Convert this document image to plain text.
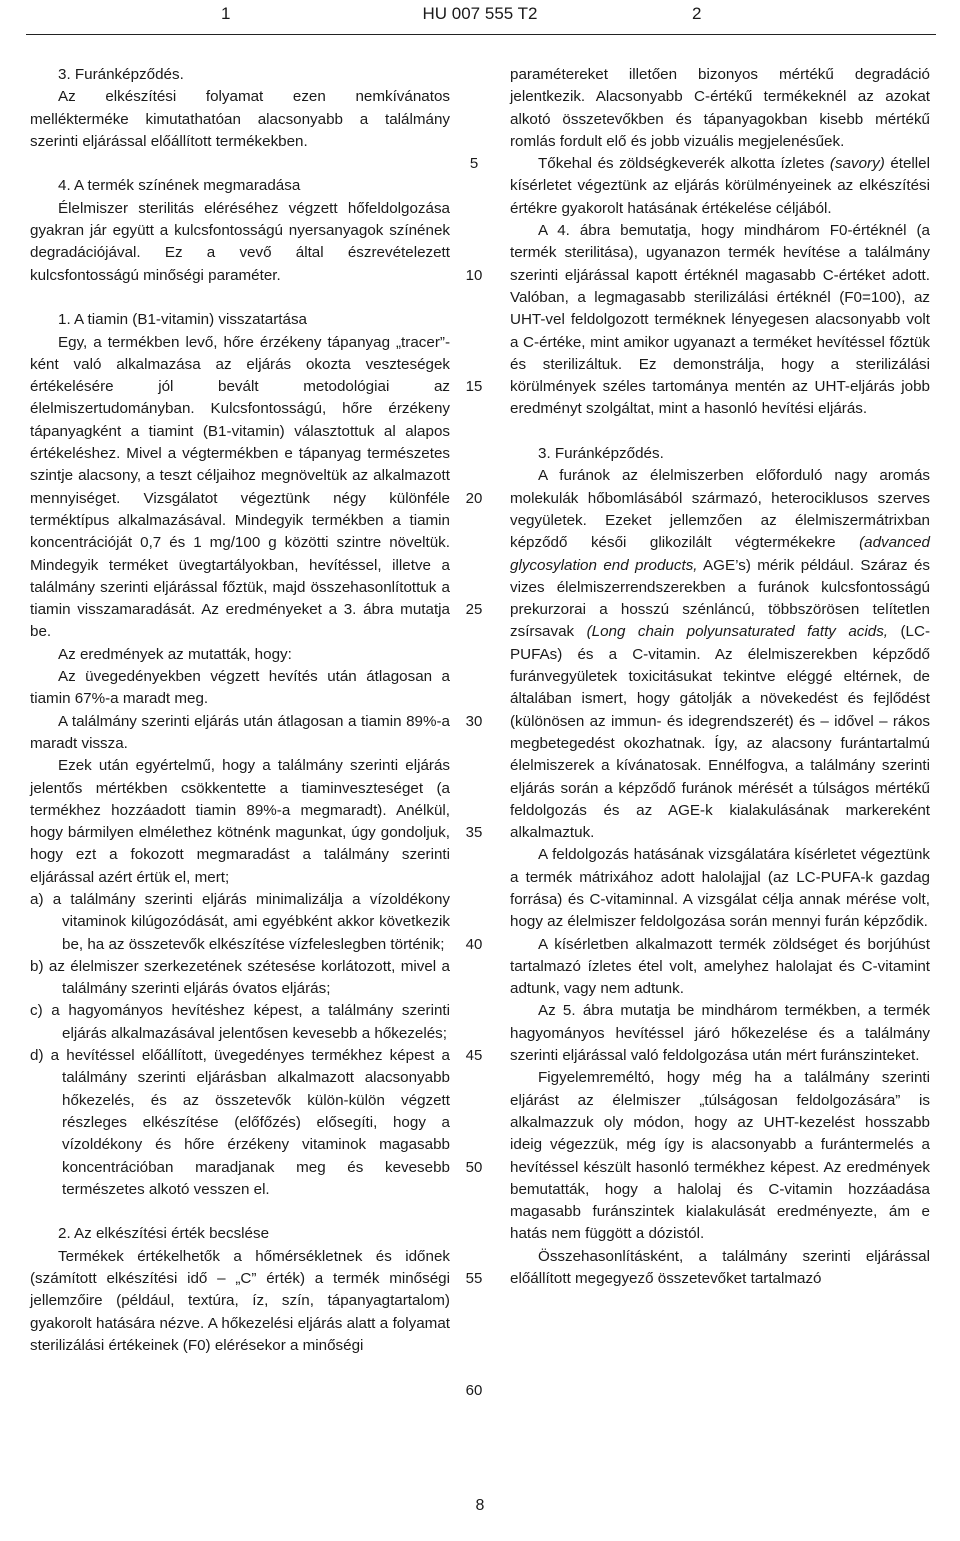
1	HU 007 555 T2	2

3. Furánképződés.

Az elkészítési folyamat ezen nemkívánatos mellékterméke kimutathatóan alacsonyabb a találmány szerinti eljárással előállított termékekben.

4. A termék színének megmaradása

Élelmiszer sterilitás eléréséhez végzett hőfeldolgozása gyakran jár együtt a kulcsfontosságú nyersanyagok színének degradációjával. Ez a vevő által észrevételezett kulcsfontosságú minőségi paraméter.

1. A tiamin (B1-vitamin) visszatartása

Egy, a termékben levő, hőre érzékeny tápanyag „tracer”-ként való alkalmazása az eljárás okozta veszteségek értékelésére jól bevált metodológiai az élelmiszertudományban. Kulcsfontosságú, hőre érzékeny tápanyagként a tiamint (B1-vitamin) választottuk al alapos értékeléshez. Mivel a végtermékben e tápanyag természetes szintje alacsony, a teszt céljaihoz megnöveltük az alkalmazott mennyiséget. Vizsgálatot végeztünk négy különféle terméktípus alkalmazásával. Mindegyik termékben a tiamin koncentrációját 0,7 és 1 mg/100 g közötti szintre növeltük. Mindegyik terméket üvegtartályokban, hevítéssel, illetve a találmány szerinti eljárással főztük, majd összehasonlítottuk a tiamin visszamaradását. Az eredményeket a 3. ábra mutatja be.

Az eredmények az mutatták, hogy:

Az üvegedényekben végzett hevítés után átlagosan a tiamin 67%-a maradt meg.

A találmány szerinti eljárás után átlagosan a tiamin 89%-a maradt vissza.

Ezek után egyértelmű, hogy a találmány szerinti eljárás jelentős mértékben csökkentette a tiaminveszteséget (a termékhez hozzáadott tiamin 89%-a megmaradt). Anélkül, hogy bármilyen elmélethez kötnénk magunkat, úgy gondoljuk, hogy ezt a fokozott megmaradást a találmány szerinti eljárással azért értük el, mert;

a) a találmány szerinti eljárás minimalizálja a vízoldékony vitaminok kilúgozódását, ami egyébként akkor következik be, ha az összetevők elkészítése vízfeleslegben történik;

b) az élelmiszer szerkezetének szétesése korlátozott, mivel a találmány szerinti eljárás óvatos eljárás;

c) a hagyományos hevítéshez képest, a találmány szerinti eljárás alkalmazásával jelentősen kevesebb a hőkezelés;

d) a hevítéssel előállított, üvegedényes termékhez képest a találmány szerinti eljárásban alkalmazott alacsonyabb hőkezelés, és az összetevők külön-külön végzett részleges elkészítése (előfőzés) elősegíti, hogy a vízoldékony és hőre érzékeny vitaminok magasabb koncentrációban maradjanak meg és kevesebb természetes alkotó vesszen el.

2. Az elkészítési érték becslése

Termékek értékelhetők a hőmérsékletnek és időnek (számított elkészítési idő – „C” érték) a termék minőségi jellemzőire (például, textúra, íz, szín, tápanyagtartalom) gyakorolt hatására nézve. A hőkezelési eljárás alatt a folyamat sterilizálási értékeinek (F0) elérésekor a minőségi

5
10
15
20
25
30
35
40
45
50
55
60

paramétereket illetően bizonyos mértékű degradáció jelentkezik. Alacsonyabb C-értékű termékeknél az azokat alkotó összetevőkben és tápanyagokban kisebb mértékű romlás fordult elő és jobb vizuális megjelenésűek.

Tőkehal és zöldségkeverék alkotta ízletes (savory) étellel kísérletet végeztünk az eljárás körülményeinek az elkészítési értékre gyakorolt hatásának értékelése céljából.

A 4. ábra bemutatja, hogy mindhárom F0-értéknél (a termék sterilitása), ugyanazon termék hevítése a találmány szerinti eljárással kapott értéknél magasabb C-értéket adott. Valóban, a legmagasabb sterilizálási értéknél (F0=100), az UHT-vel feldolgozott terméknek lényegesen alacsonyabb volt a C-értéke, mint amikor ugyanazt a terméket hevítéssel főztük és sterilizáltuk. Ez demonstrálja, hogy a sterilizálási körülmények széles tartománya mentén az UHT-eljárás jobb eredményt szolgáltat, mint a hasonló hevítési eljárás.

3. Furánképződés.

A furánok az élelmiszerben előforduló nagy aromás molekulák hőbomlásából származó, heterociklusos szerves vegyületek. Ezeket jellemzően az élelmiszermátrixban képződő késői glikozilált végtermékekre (advanced glycosylation end products, AGE’s) mérik például. Száraz és vizes élelmiszerrendszerekben a furánok kulcsfontosságú prekurzorai a hosszú szénláncú, többszörösen telítetlen zsírsavak (Long chain polyunsaturated fatty acids, (LC-PUFAs) és a C-vitamin. Az élelmiszerekben képződő furánvegyületek toxicitásukat tekintve eléggé eltérnek, de általában ismert, hogy gátolják a növekedést és fejlődést (különösen az immun- és idegrendszerét) és – idővel – rákos megbetegedést okozhatnak. Így, az alacsony furántartalmú élelmiszerek a kívánatosak. Ennélfogva, a találmány szerinti eljárás során a képződő furánok mérését a túlságos mértékű feldolgozás és az AGE-k kialakulásának markereként alkalmaztuk.

A feldolgozás hatásának vizsgálatára kísérletet végeztünk a termék mátrixához adott halolajjal (az LC-PUFA-k gazdag forrása) és C-vitaminnal. A vizsgálat célja annak mérése volt, hogy az élelmiszer feldolgozása során mennyi furán képződik.

A kísérletben alkalmazott termék zöldséget és borjúhúst tartalmazó ízletes étel volt, amelyhez halolajat és C-vitamint adtunk, vagy nem adtunk.

Az 5. ábra mutatja be mindhárom termékben, a termék hagyományos hevítéssel járó hőkezelése és a találmány szerinti eljárással való feldolgozása után mért furánszinteket.

Figyelemreméltó, hogy még ha a találmány szerinti eljárást az élelmiszer „túlságosan feldolgozására” is alkalmazzuk oly módon, hogy az UHT-kezelést hosszabb ideig végezzük, még így is alacsonyabb a furántermelés a hevítéssel készült hasonló termékhez képest. Az eredmények bemutatták, hogy a halolaj és C-vitamin hozzáadása magasabb furánszintek kialakulását eredményezte, ám e hatás nem függött a dózistól.

Összehasonlításként, a találmány szerinti eljárással előállított megegyező összetevőket tartalmazó

8
